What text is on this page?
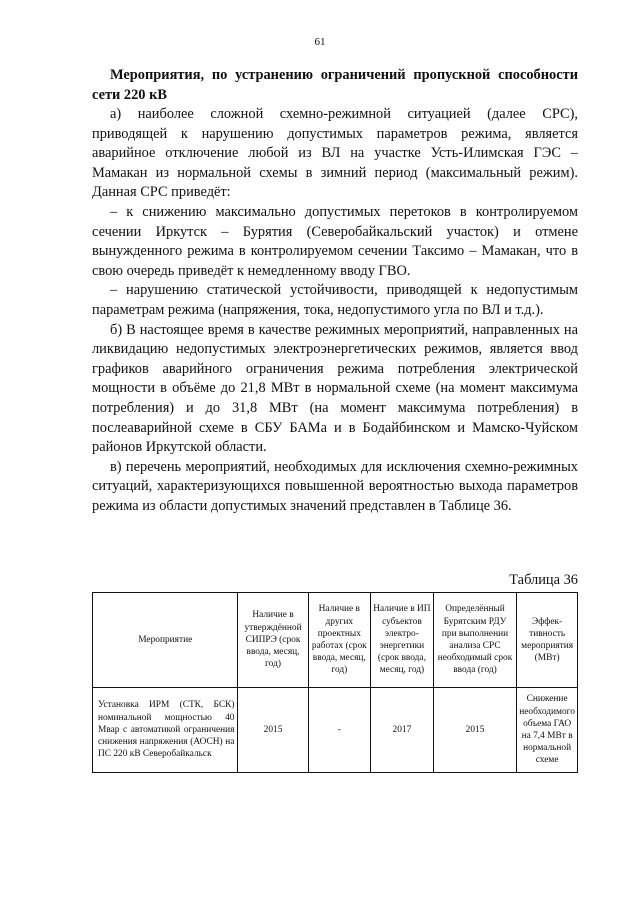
61

Мероприятия, по устранению ограничений пропускной способности сети 220 кВ

а) наиболее сложной схемно-режимной ситуацией (далее СРС), приводящей к нарушению допустимых параметров режима, является аварийное отключение любой из ВЛ на участке Усть-Илимская ГЭС – Мамакан из нормальной схемы в зимний период (максимальный режим). Данная СРС приведёт:

– к снижению максимально допустимых перетоков в контролируемом сечении Иркутск – Бурятия (Северобайкальский участок) и отмене вынужденного режима в контролируемом сечении Таксимо – Мамакан, что в свою очередь приведёт к немедленному вводу ГВО.

– нарушению статической устойчивости, приводящей к недопустимым параметрам режима (напряжения, тока, недопустимого угла по ВЛ и т.д.).

б) В настоящее время в качестве режимных мероприятий, направленных на ликвидацию недопустимых электроэнергетических режимов, является ввод графиков аварийного ограничения режима потребления электрической мощности в объёме до 21,8 МВт в нормальной схеме (на момент максимума потребления) и до 31,8 МВт (на момент максимума потребления) в послеаварийной схеме в СБУ БАМа и в Бодайбинском и Мамско-Чуйском районов Иркутской области.

в) перечень мероприятий, необходимых для исключения схемно-режимных ситуаций, характеризующихся повышенной вероятностью выхода параметров режима из области допустимых значений представлен в Таблице 36.

Таблица 36
Мероприятие	Наличие в утверждённой СИПРЭ (срок ввода, месяц, год)	Наличие в других проектных работах (срок ввода, месяц, год)	Наличие в ИП субъектов электро-энергетики (срок ввода, месяц, год)	Определённый Бурятским РДУ при выполнении анализа СРС необходимый срок ввода (год)	Эффек-тивность мероприятия (МВт)
Установка ИРМ (СТК, БСК) номинальной мощностью 40 Мвар с автоматикой ограничения снижения напряжения (АОСН) на ПС 220 кВ Северобайкальск	2015	-	2017	2015	Снижение необходимого объема ГАО на 7,4 МВт в нормальной схеме
